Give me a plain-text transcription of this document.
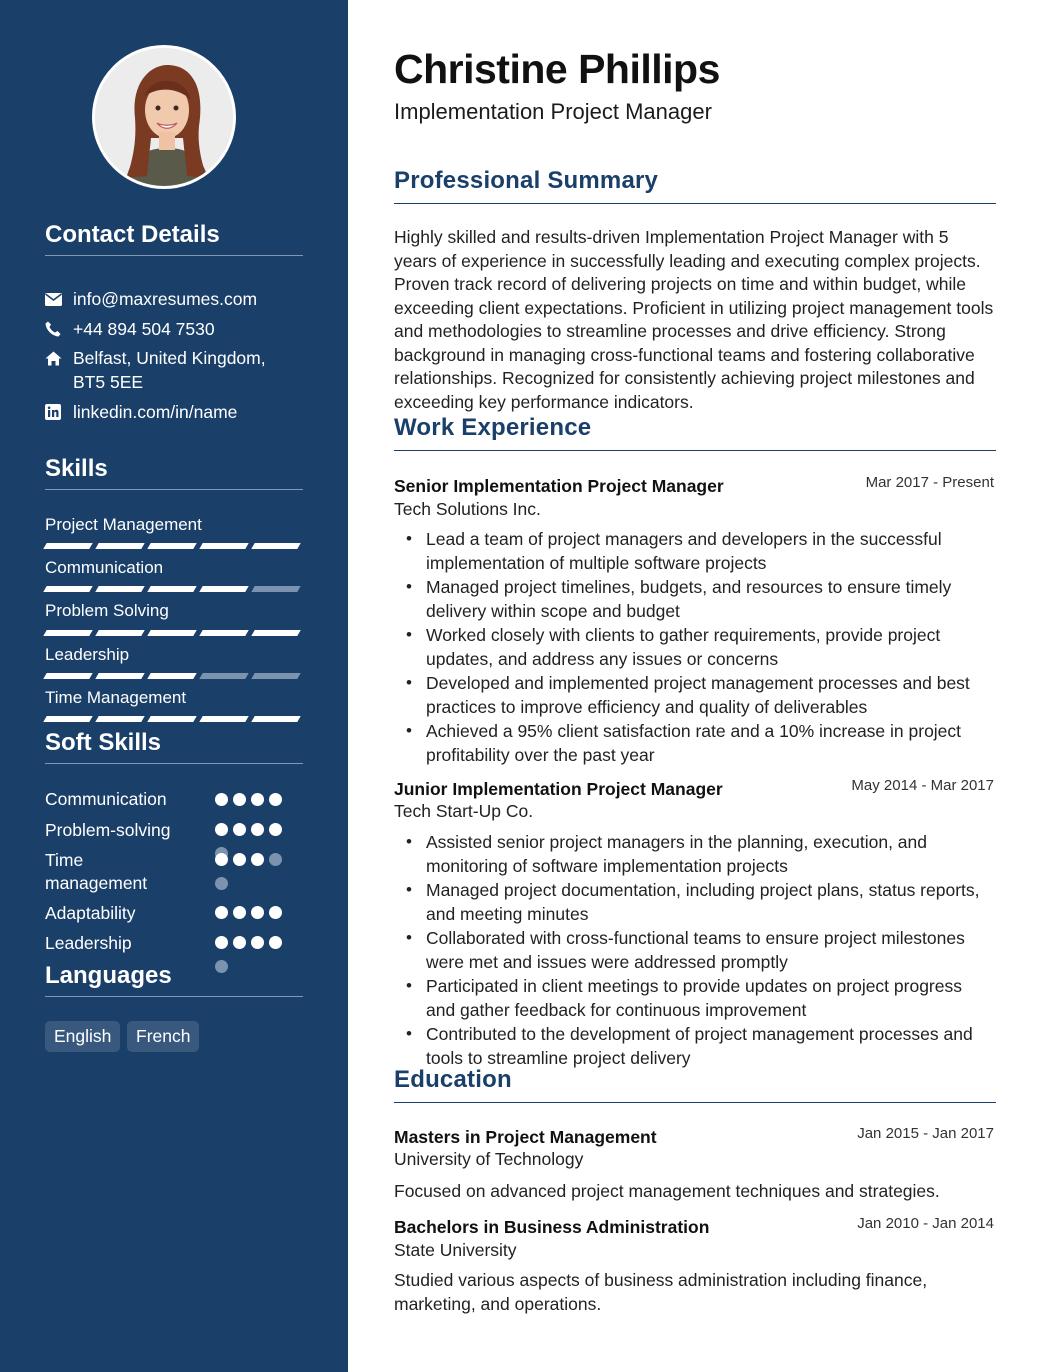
Contact Details
info@maxresumes.com
+44 894 504 7530
Belfast, United Kingdom,
BT5 5EE
linkedin.com/in/name
Skills
Project Management
Communication
Problem Solving
Leadership
Time Management
Soft Skills
Communication
Problem-solving
Time
management
Adaptability
Leadership
Languages
English	French
Christine Phillips
Implementation Project Manager
Professional Summary

Highly skilled and results-driven Implementation Project Manager with 5 years of experience in successfully leading and executing complex projects. Proven track record of delivering projects on time and within budget, while exceeding client expectations. Proficient in utilizing project management tools and methodologies to streamline processes and drive efficiency. Strong background in managing cross-functional teams and fostering collaborative relationships. Recognized for consistently achieving project milestones and exceeding key performance indicators.

Work Experience
Senior Implementation Project Manager	Mar 2017 - Present
Tech Solutions Inc.
• Lead a team of project managers and developers in the successful implementation of multiple software projects
• Managed project timelines, budgets, and resources to ensure timely delivery within scope and budget
• Worked closely with clients to gather requirements, provide project updates, and address any issues or concerns
• Developed and implemented project management processes and best practices to improve efficiency and quality of deliverables
• Achieved a 95% client satisfaction rate and a 10% increase in project profitability over the past year
Junior Implementation Project Manager	May 2014 - Mar 2017
Tech Start-Up Co.
• Assisted senior project managers in the planning, execution, and monitoring of software implementation projects
• Managed project documentation, including project plans, status reports, and meeting minutes
• Collaborated with cross-functional teams to ensure project milestones were met and issues were addressed promptly
• Participated in client meetings to provide updates on project progress and gather feedback for continuous improvement
• Contributed to the development of project management processes and tools to streamline project delivery
Education
Masters in Project Management	Jan 2015 - Jan 2017
University of Technology

Focused on advanced project management techniques and strategies.

Bachelors in Business Administration	Jan 2010 - Jan 2014
State University

Studied various aspects of business administration including finance, marketing, and operations.
